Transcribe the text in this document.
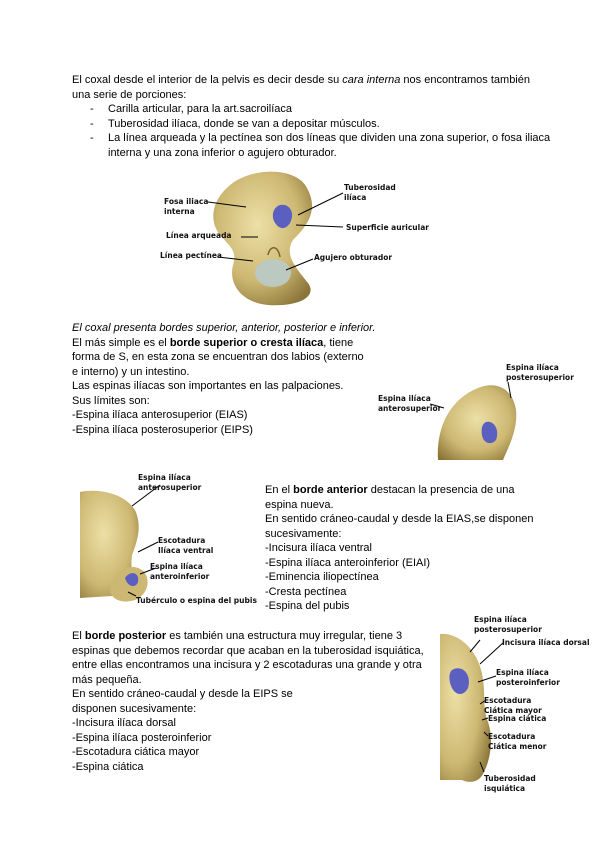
El coxal desde el interior de la pelvis es decir desde su cara interna nos encontramos también una serie de porciones:
- Carilla articular, para la art.sacroilíaca
- Tuberosidad ilíaca, donde se van a depositar músculos.
- La línea arqueada y la pectínea son dos líneas que dividen una zona superior, o fosa iliaca interna y una zona inferior o agujero obturador.
Fosa iliaca
interna
Línea arqueada
Línea pectínea
Tuberosidad
ilíaca
Superficie auricular
Agujero obturador
El coxal presenta bordes superior, anterior, posterior e inferior.
El más simple es el borde superior o cresta ilíaca, tiene forma de S, en esta zona se encuentran dos labios (externo e interno) y un intestino.
Las espinas ilíacas son importantes en las palpaciones.
Sus límites son:
-Espina ilíaca anterosuperior (EIAS)
-Espina ilíaca posterosuperior (EIPS)
Espina ilíaca
posterosuperior
Espina ilíaca
anterosuperior
Espina ilíaca
anterosuperior
Escotadura
Ilíaca ventral
Espina ilíaca
anteroinferior
Tubérculo o espina del pubis
En el borde anterior destacan la presencia de una espina nueva.
En sentido cráneo-caudal y desde la EIAS,se disponen sucesivamente:
-Incisura ilíaca ventral
-Espina ilíaca anteroinferior (EIAI)
-Eminencia iliopectínea
-Cresta pectínea
-Espina del pubis
El borde posterior es también una estructura muy irregular, tiene 3 espinas que debemos recordar que acaban en la tuberosidad isquiática, entre ellas encontramos una incisura y 2 escotaduras una grande y otra más pequeña.
En sentido cráneo-caudal y desde la EIPS se disponen sucesivamente:
-Incisura ilíaca dorsal
-Espina ilíaca posteroinferior
-Escotadura ciática mayor
-Espina ciática
Espina ilíaca
posterosuperior
Incisura ilíaca dorsal
Espina ilíaca
posteroinferior
Escotadura
Ciática mayor
Espina ciática
Escotadura
Ciática menor
Tuberosidad
isquiática
